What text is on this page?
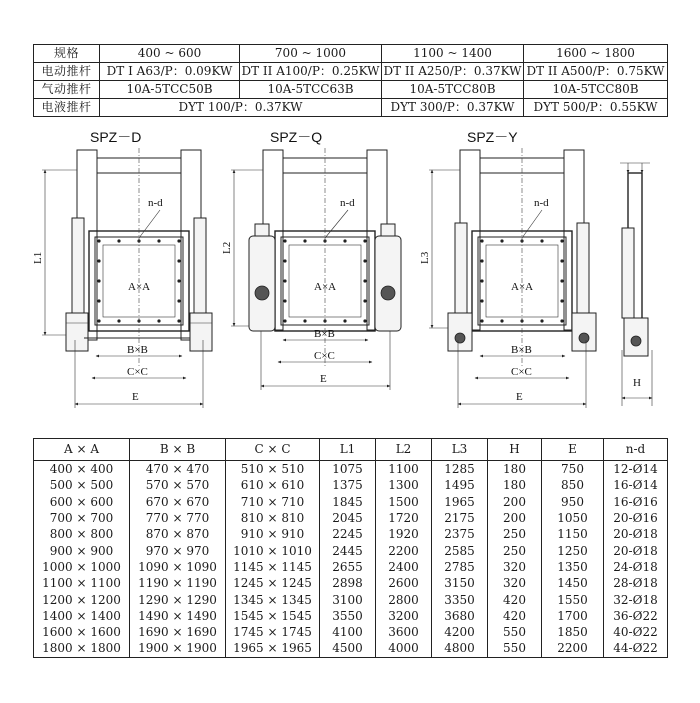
规格	400 ~ 600	700 ~ 1000	1100 ~ 1400	1600 ~ 1800
电动推杆	DT I A63/P：0.09KW	DT II A100/P：0.25KW	DT II A250/P：0.37KW	DT II A500/P：0.75KW
气动推杆	10A-5TCC50B	10A-5TCC63B	10A-5TCC80B	10A-5TCC80B
电液推杆	DYT 100/P：0.37KW		DYT 300/P：0.37KW	DYT 500/P：0.55KW
SPZ－D
n-d
A×A
L1
B×B
C×C
E
SPZ－Q
n-d
A×A
L2
B×B
C×C
E
SPZ－Y
n-d
A×A
L3
B×B
C×C
E
H
A × A	B × B	C × C	L1	L2	L3	H	E	n-d
400 × 400	470 × 470	510 × 510	1075	1100	1285	180	750	12-Ø14
500 × 500	570 × 570	610 × 610	1375	1300	1495	180	850	16-Ø14
600 × 600	670 × 670	710 × 710	1845	1500	1965	200	950	16-Ø16
700 × 700	770 × 770	810 × 810	2045	1720	2175	200	1050	20-Ø16
800 × 800	870 × 870	910 × 910	2245	1920	2375	250	1150	20-Ø18
900 × 900	970 × 970	1010 × 1010	2445	2200	2585	250	1250	20-Ø18
1000 × 1000	1090 × 1090	1145 × 1145	2655	2400	2785	320	1350	24-Ø18
1100 × 1100	1190 × 1190	1245 × 1245	2898	2600	3150	320	1450	28-Ø18
1200 × 1200	1290 × 1290	1345 × 1345	3100	2800	3350	420	1550	32-Ø18
1400 × 1400	1490 × 1490	1545 × 1545	3550	3200	3680	420	1700	36-Ø22
1600 × 1600	1690 × 1690	1745 × 1745	4100	3600	4200	550	1850	40-Ø22
1800 × 1800	1900 × 1900	1965 × 1965	4500	4000	4800	550	2200	44-Ø22
